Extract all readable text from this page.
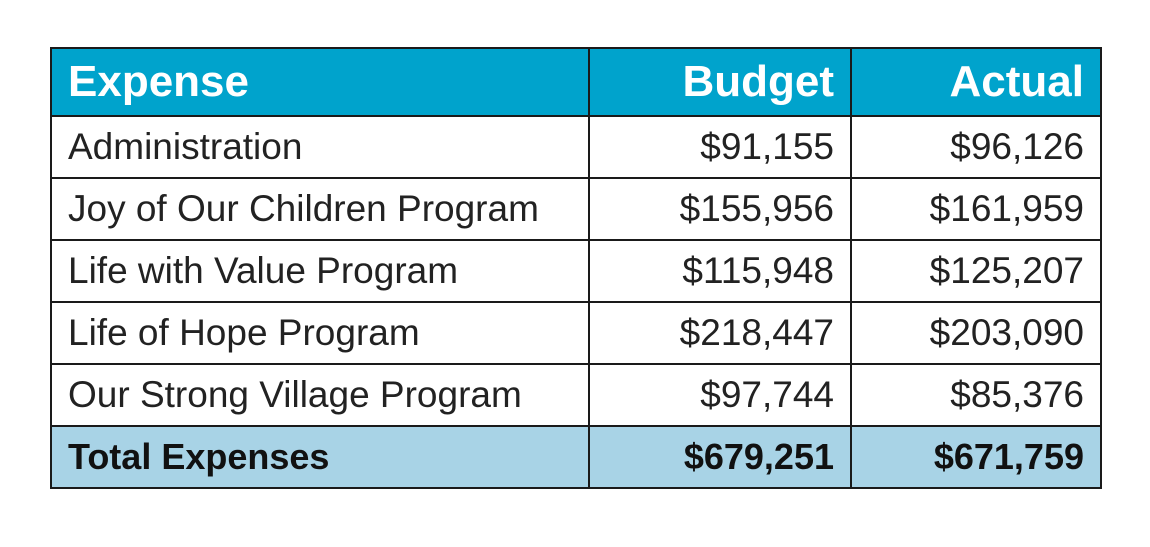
Expense	Budget	Actual
Administration	$91,155	$96,126
Joy of Our Children Program	$155,956	$161,959
Life with Value Program	$115,948	$125,207
Life of Hope Program	$218,447	$203,090
Our Strong Village Program	$97,744	$85,376
Total Expenses	$679,251	$671,759
